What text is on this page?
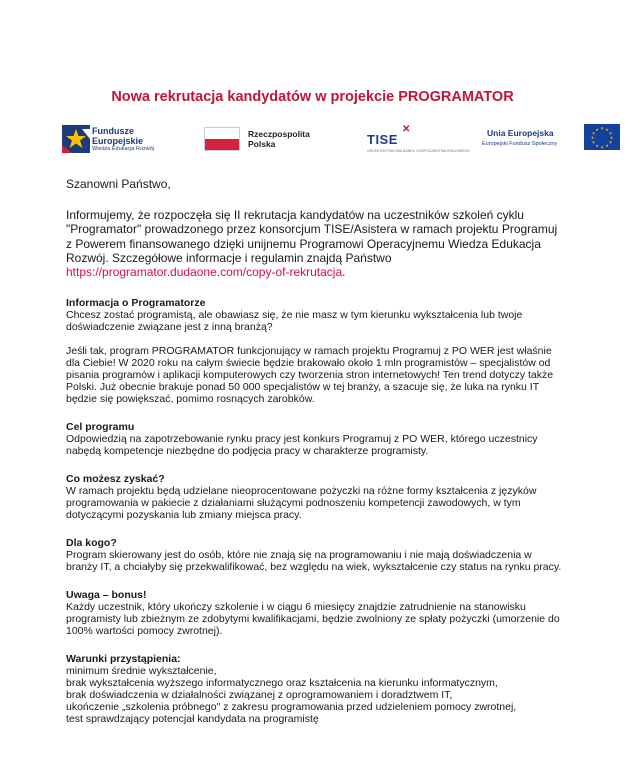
Nowa rekrutacja kandydatów w projekcie PROGRAMATOR
Fundusze
Europejskie
Wiedza Edukacja Rozwój
Rzeczpospolita
Polska	TISE
✕
GRUPA KAPITAŁOWA BANKU GOSPODARSTWA KRAJOWEGO
Unia Europejska
Europejski Fundusz Społeczny
★ ★
★
★
★
★
★
★
★
★
★
★

Szanowni Państwo,

Informujemy, że rozpoczęła się II rekrutacja kandydatów na uczestników szkoleń cyklu "Programator" prowadzonego przez konsorcjum TISE/Asistera w ramach projektu Programuj z Powerem finansowanego dzięki unijnemu Programowi Operacyjnemu Wiedza Edukacja Rozwój. Szczegółowe informacje i regulamin znajdą Państwo https://programator.dudaone.com/copy-of-rekrutacja.

Informacja o Programatorze

Chcesz zostać programistą, ale obawiasz się, że nie masz w tym kierunku wykształcenia lub twoje doświadczenie związane jest z inną branżą?

Jeśli tak, program PROGRAMATOR funkcjonujący w ramach projektu Programuj z PO WER jest właśnie dla Ciebie! W 2020 roku na całym świecie będzie brakowało około 1 mln programistów – specjalistów od pisania programów i aplikacji komputerowych czy tworzenia stron internetowych! Ten trend dotyczy także Polski. Już obecnie brakuje ponad 50 000 specjalistów w tej branży, a szacuje się, że luka na rynku IT będzie się powiększać, pomimo rosnących zarobków.

Cel programu

Odpowiedzią na zapotrzebowanie rynku pracy jest konkurs Programuj z PO WER, którego uczestnicy nabędą kompetencje niezbędne do podjęcia pracy w charakterze programisty.

Co możesz zyskać?

W ramach projektu będą udzielane nieoprocentowane pożyczki na różne formy kształcenia z języków programowania w pakiecie z działaniami służącymi podnoszeniu kompetencji zawodowych, w tym dotyczącymi pozyskania lub zmiany miejsca pracy.

Dla kogo?

Program skierowany jest do osób, które nie znają się na programowaniu i nie mają doświadczenia w branży IT, a chciałyby się przekwalifikować, bez względu na wiek, wykształcenie czy status na rynku pracy.

Uwaga – bonus!

Każdy uczestnik, który ukończy szkolenie i w ciągu 6 miesięcy znajdzie zatrudnienie na stanowisku programisty lub zbieżnym ze zdobytymi kwalifikacjami, będzie zwolniony ze spłaty pożyczki (umorzenie do 100% wartości pomocy zwrotnej).

Warunki przystąpienia:
minimum średnie wykształcenie,
brak wykształcenia wyższego informatycznego oraz kształcenia na kierunku informatycznym,
brak doświadczenia w działalności związanej z oprogramowaniem i doradztwem IT,
ukończenie „szkolenia próbnego" z zakresu programowania przed udzieleniem pomocy zwrotnej,
test sprawdzający potencjał kandydata na programistę
